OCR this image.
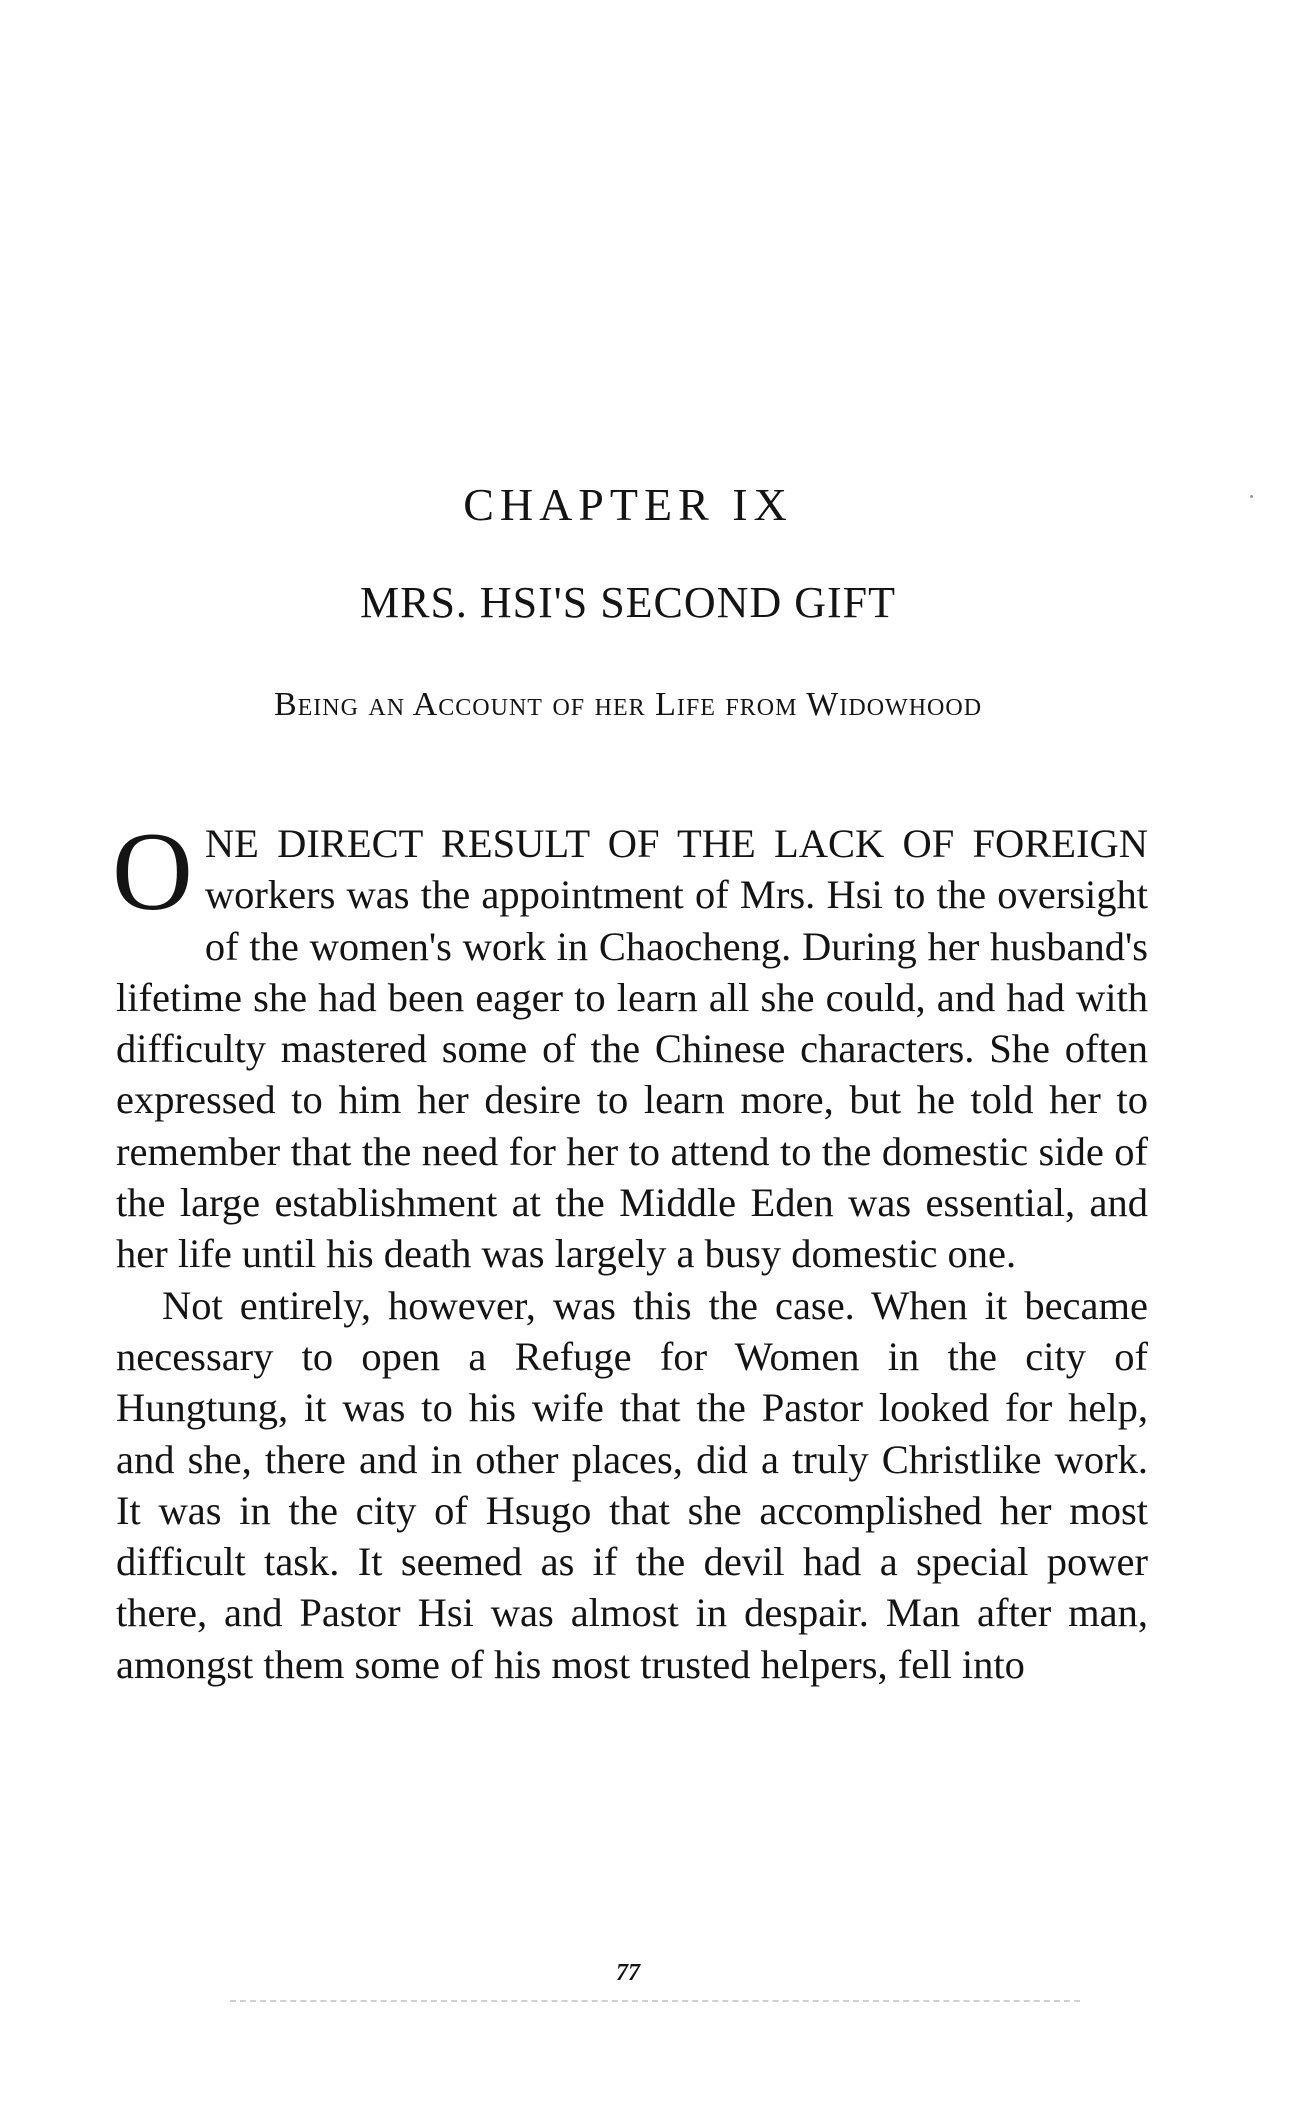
CHAPTER IX
MRS. HSI'S SECOND GIFT
Being an Account of her Life from Widowhood

ONE direct result of the lack of foreign workers was the appointment of Mrs. Hsi to the oversight of the women's work in Chaocheng. During her husband's lifetime she had been eager to learn all she could, and had with difficulty mastered some of the Chinese characters. She often expressed to him her desire to learn more, but he told her to remember that the need for her to attend to the domestic side of the large establishment at the Middle Eden was essential, and her life until his death was largely a busy domestic one.

Not entirely, however, was this the case. When it became necessary to open a Refuge for Women in the city of Hungtung, it was to his wife that the Pastor looked for help, and she, there and in other places, did a truly Christlike work. It was in the city of Hsugo that she accomplished her most difficult task. It seemed as if the devil had a special power there, and Pastor Hsi was almost in despair. Man after man, amongst them some of his most trusted helpers, fell into

77
